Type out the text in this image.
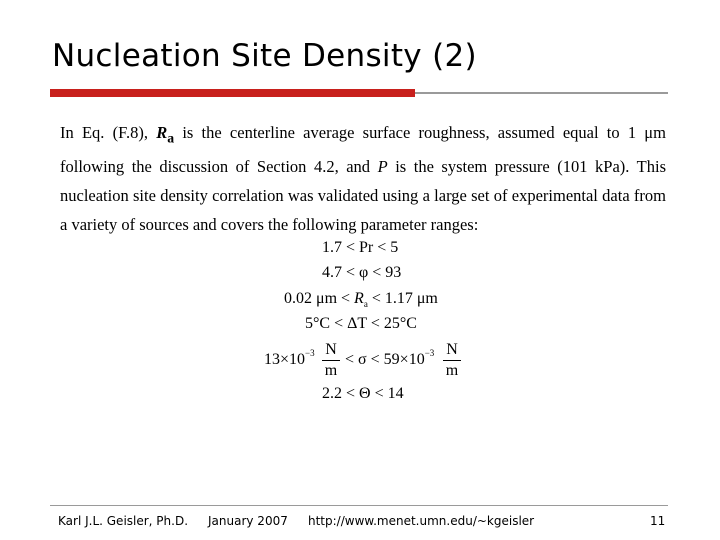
Nucleation Site Density (2)
In Eq. (F.8), $R_a$ is the centerline average surface roughness, assumed equal to 1 μm following the discussion of Section 4.2, and P is the system pressure (101 kPa). This nucleation site density correlation was validated using a large set of experimental data from a variety of sources and covers the following parameter ranges:
1.7 < Pr < 5
4.7 < φ < 93
0.02 $\mu m < R_a < 1.17$ μm
5°C < ΔT < 25°C
$13\times 10^{-3}$ N
m
< $\sigma < 59\times 10^{-3}$ N
m
2.2 < Θ < 14
Karl J.L. Geisler, Ph.D. January 2007 http://www.menet.umn.edu/~kgeisler	11
